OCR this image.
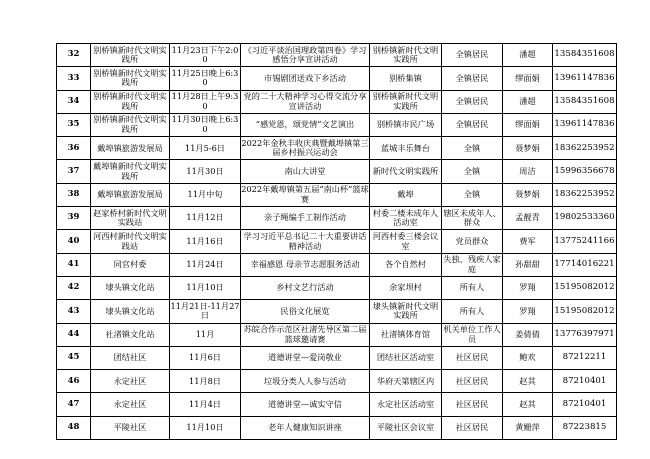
32	别桥镇新时代文明实践所	11月23日下午2:00	《习近平谈治国理政第四卷》学习感悟分享宣讲活动	别桥镇新时代文明实践所	全镇居民	潘超	13584351608
33	别桥镇新时代文明实践所	11月25日晚上6:30	市锡剧团送戏下乡活动	别桥集镇	全镇居民	缪面娟	13961147836
34	别桥镇新时代文明实践所	11月28日上午9:30	党的二十大精神学习心得交流分享宣讲活动	别桥镇新时代文明实践所	全镇居民	潘超	13584351608
35	别桥镇新时代文明实践所	11月30日晚上6:30	“感党恩，颂党情”文艺演出	别桥镇市民广场	全镇居民	缪面娟	13961147836
36	戴埠镇旅游发展局	11月5-6日	2022年金秋丰收庆典暨戴埠镇第三届乡村振兴运动会	蓝城丰乐舞台	全镇	聂梦娟	18362253952
37	戴埠镇新时代文明实践所	11月30日	南山大讲堂	新时代文明实践所	全镇	周洁	15996356678
38	戴埠镇旅游发展局	11月中旬	2022年戴埠镇第五届“南山杯”篮球赛	戴埠	全镇	聂梦娟	18362253952
39	赵家桥村新时代文明实践站	11月12日	亲子绳编手工制作活动	村委二楼未成年人活动室	辖区未成年人、群众	孟靓青	19802533360
40	河西村新时代文明实践站	11月16日	学习习近平总书记二十大重要讲话精神活动	河西村委三楼会议室	党员群众	费军	13775241166
41	同官村委	11月24日	幸福感恩 母亲节志愿服务活动	各个自然村	失独、残疾人家庭	孙甜甜	17714016221
42	埭头镇文化站	11月10日	乡村文艺行活动	余家坝村	所有人	罗翔	15195082012
43	埭头镇文化站	11月21日-11月27日	民俗文化展览	埭头镇新时代文明实践所	所有人	罗翔	15195082012
44	社渚镇文化站	11月	苏皖合作示范区社渚先导区第二届篮球邀请赛	社渚镇体育馆	机关单位工作人员	姜倩倩	13776397971
45	团结社区	11月6日	道德讲堂—爱岗敬业	团结社区活动室	社区居民	鲍欢	87212211
46	永定社区	11月8日	垃圾分类人人参与活动	华府天第辖区内	社区居民	赵其	87210401
47	永定社区	11月4日	道德讲堂—诚实守信	永定社区活动室	社区居民	赵其	87210401
48	平陵社区	11月10日	老年人健康知识讲座	平陵社区会议室	社区居民	黄姗萍	87223815
